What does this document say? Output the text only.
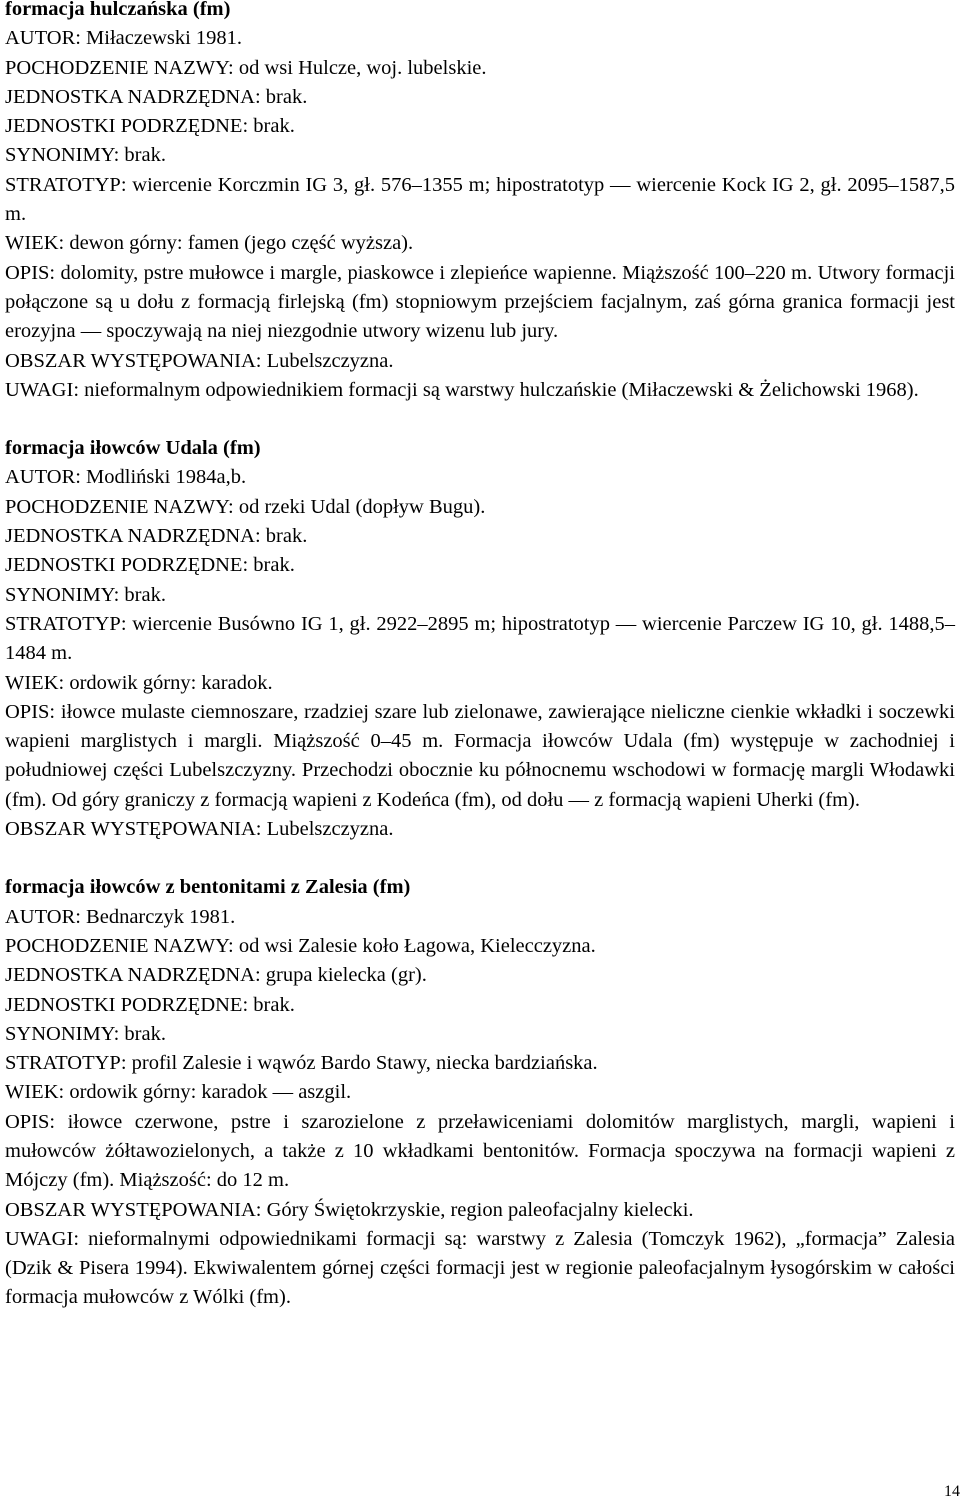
formacja hulczańska (fm)

AUTOR: Miłaczewski 1981.

POCHODZENIE NAZWY: od wsi Hulcze, woj. lubelskie.

JEDNOSTKA NADRZĘDNA: brak.

JEDNOSTKI PODRZĘDNE: brak.

SYNONIMY: brak.

STRATOTYP: wiercenie Korczmin IG 3, gł. 576–1355 m; hipostratotyp — wiercenie Kock IG 2, gł. 2095–1587,5 m.

WIEK: dewon górny: famen (jego część wyższa).

OPIS: dolomity, pstre mułowce i margle, piaskowce i zlepieńce wapienne. Miąższość 100–220 m. Utwory formacji połączone są u dołu z formacją firlejską (fm) stopniowym przejściem facjalnym, zaś górna granica formacji jest erozyjna — spoczywają na niej niezgodnie utwory wizenu lub jury.

OBSZAR WYSTĘPOWANIA: Lubelszczyzna.

UWAGI: nieformalnym odpowiednikiem formacji są warstwy hulczańskie (Miłaczewski & Żelichowski 1968).

formacja iłowców Udala (fm)

AUTOR: Modliński 1984a,b.

POCHODZENIE NAZWY: od rzeki Udal (dopływ Bugu).

JEDNOSTKA NADRZĘDNA: brak.

JEDNOSTKI PODRZĘDNE: brak.

SYNONIMY: brak.

STRATOTYP: wiercenie Busówno IG 1, gł. 2922–2895 m; hipostratotyp — wiercenie Parczew IG 10, gł. 1488,5–1484 m.

WIEK: ordowik górny: karadok.

OPIS: iłowce mulaste ciemnoszare, rzadziej szare lub zielonawe, zawierające nieliczne cienkie wkładki i soczewki wapieni marglistych i margli. Miąższość 0–45 m. Formacja iłowców Udala (fm) występuje w zachodniej i południowej części Lubelszczyzny. Przechodzi obocznie ku północnemu wschodowi w formację margli Włodawki (fm). Od góry graniczy z formacją wapieni z Kodeńca (fm), od dołu — z formacją wapieni Uherki (fm).

OBSZAR WYSTĘPOWANIA: Lubelszczyzna.

formacja iłowców z bentonitami z Zalesia (fm)

AUTOR: Bednarczyk 1981.

POCHODZENIE NAZWY: od wsi Zalesie koło Łagowa, Kielecczyzna.

JEDNOSTKA NADRZĘDNA: grupa kielecka (gr).

JEDNOSTKI PODRZĘDNE: brak.

SYNONIMY: brak.

STRATOTYP: profil Zalesie i wąwóz Bardo Stawy, niecka bardziańska.

WIEK: ordowik górny: karadok — aszgil.

OPIS: iłowce czerwone, pstre i szarozielone z przeławiceniami dolomitów marglistych, margli, wapieni i mułowców żółtawozielonych, a także z 10 wkładkami bentonitów. Formacja spoczywa na formacji wapieni z Mójczy (fm). Miąższość: do 12 m.

OBSZAR WYSTĘPOWANIA: Góry Świętokrzyskie, region paleofacjalny kielecki.

UWAGI: nieformalnymi odpowiednikami formacji są: warstwy z Zalesia (Tomczyk 1962), „formacja” Zalesia (Dzik & Pisera 1994). Ekwiwalentem górnej części formacji jest w regionie paleofacjalnym łysogórskim w całości formacja mułowców z Wólki (fm).

14
